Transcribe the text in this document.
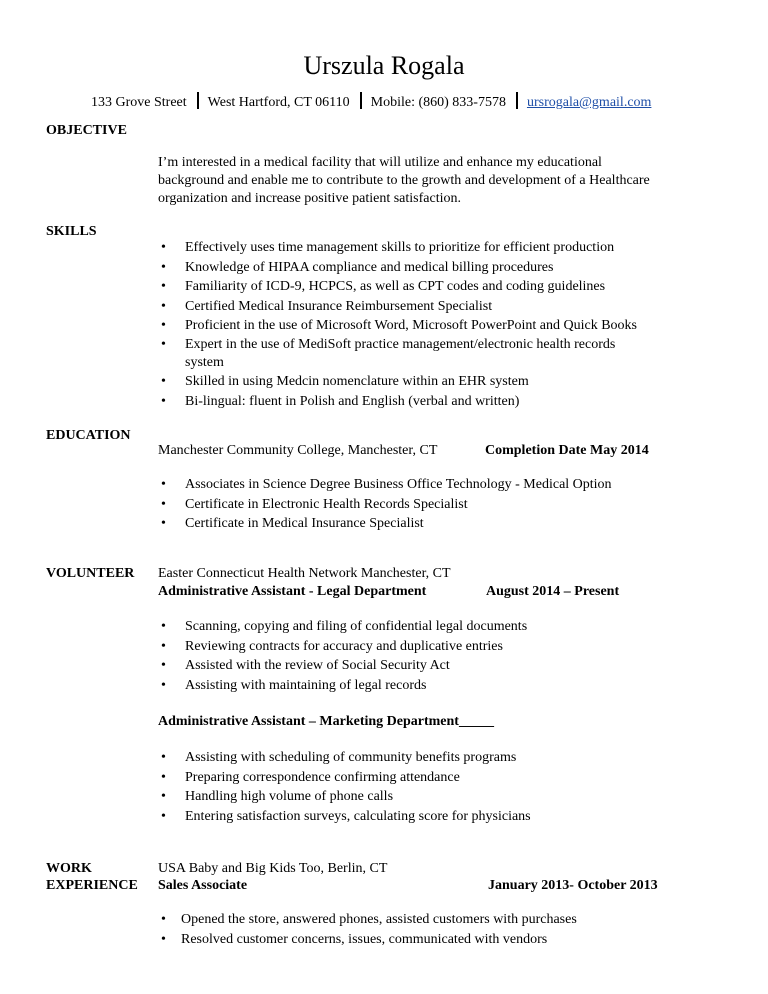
Urszula Rogala
133 Grove Street West Hartford, CT 06110 Mobile: (860) 833-7578 ursrogala@gmail.com
OBJECTIVE
I’m interested in a medical facility that will utilize and enhance my educational
background and enable me to contribute to the growth and development of a Healthcare
organization and increase positive patient satisfaction.
SKILLS
• Effectively uses time management skills to prioritize for efficient production
• Knowledge of HIPAA compliance and medical billing procedures
• Familiarity of ICD-9, HCPCS, as well as CPT codes and coding guidelines
• Certified Medical Insurance Reimbursement Specialist
• Proficient in the use of Microsoft Word, Microsoft PowerPoint and Quick Books
• Expert in the use of MediSoft practice management/electronic health records
system
• Skilled in using Medcin nomenclature within an EHR system
• Bi-lingual: fluent in Polish and English (verbal and written)
EDUCATION
Manchester Community College, Manchester, CT	Completion Date May 2014
• Associates in Science Degree Business Office Technology - Medical Option
• Certificate in Electronic Health Records Specialist
• Certificate in Medical Insurance Specialist
VOLUNTEER Easter Connecticut Health Network Manchester, CT
Administrative Assistant - Legal Department	August 2014 – Present
• Scanning, copying and filing of confidential legal documents
• Reviewing contracts for accuracy and duplicative entries
• Assisted with the review of Social Security Act
• Assisting with maintaining of legal records
Administrative Assistant – Marketing Department_____
• Assisting with scheduling of community benefits programs
• Preparing correspondence confirming attendance
• Handling high volume of phone calls
• Entering satisfaction surveys, calculating score for physicians
WORK
EXPERIENCE
USA Baby and Big Kids Too, Berlin, CT
Sales Associate	January 2013- October 2013
• Opened the store, answered phones, assisted customers with purchases
• Resolved customer concerns, issues, communicated with vendors
